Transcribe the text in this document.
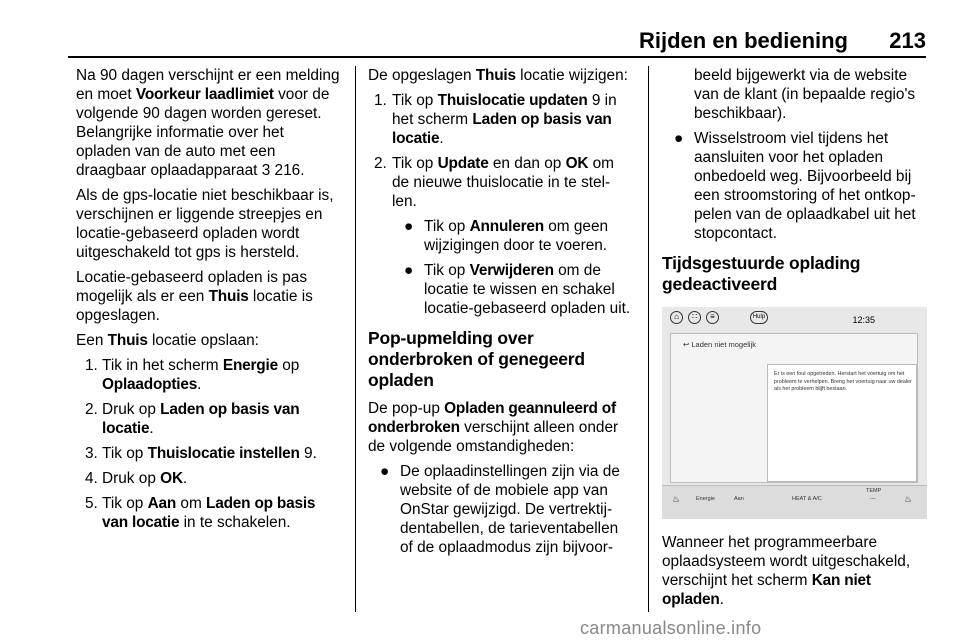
Rijden en bediening 213

Na 90 dagen verschijnt er een melding en moet Voorkeur laadlimiet voor de volgende 90 dagen worden gereset. Belangrijke informatie over het opladen van de auto met een draagbaar oplaadapparaat 3 216.

Als de gps-locatie niet beschikbaar is, verschijnen er liggende streepjes en locatie-gebaseerd opladen wordt uitgeschakeld tot gps is hersteld.

Locatie-gebaseerd opladen is pas mogelijk als er een Thuis locatie is opgeslagen.

Een Thuis locatie opslaan:

1. Tik in het scherm Energie op Oplaadopties.
2. Druk op Laden op basis van locatie.
3. Tik op Thuislocatie instellen 9.
4. Druk op OK.
5. Tik op Aan om Laden op basis van locatie in te schakelen.

De opgeslagen Thuis locatie wijzigen:

1. Tik op Thuislocatie updaten 9 in het scherm Laden op basis van locatie.
2. Tik op Update en dan op OK om de nieuwe thuislocatie in te stel-len.
● Tik op Annuleren om geen wijzigingen door te voeren.
● Tik op Verwijderen om de locatie te wissen en schakel locatie-gebaseerd opladen uit.
Pop-upmelding over onderbroken of genegeerd opladen

De pop-up Opladen geannuleerd of onderbroken verschijnt alleen onder de volgende omstandigheden:

● De oplaadinstellingen zijn via de website of de mobiele app van OnStar gewijzigd. De vertrektij-dentabellen, de tarieventabellen of de oplaadmodus zijn bijvoor-
beeld bijgewerkt via de website van de klant (in bepaalde regio's beschikbaar).
● Wisselstroom viel tijdens het aansluiten voor het opladen onbedoeld weg. Bijvoorbeeld bij een stroomstoring of het ontkop-pelen van de oplaadkabel uit het stopcontact.
Tijdsgestuurde oplading gedeactiveerd
⌂	∷	≡	Hulp	12:35
↩ Laden niet mogelijk
Er is een fout opgetreden. Herstart het voertuig om het probleem te verhelpen. Breng het voertuig naar uw dealer als het probleem blijft bestaan.
♨	Energie	Aan	HEAT & A/C
TEMP
---	♨

Wanneer het programmeerbare oplaadsysteem wordt uitgeschakeld, verschijnt het scherm Kan niet opladen.

carmanualsonline.info
